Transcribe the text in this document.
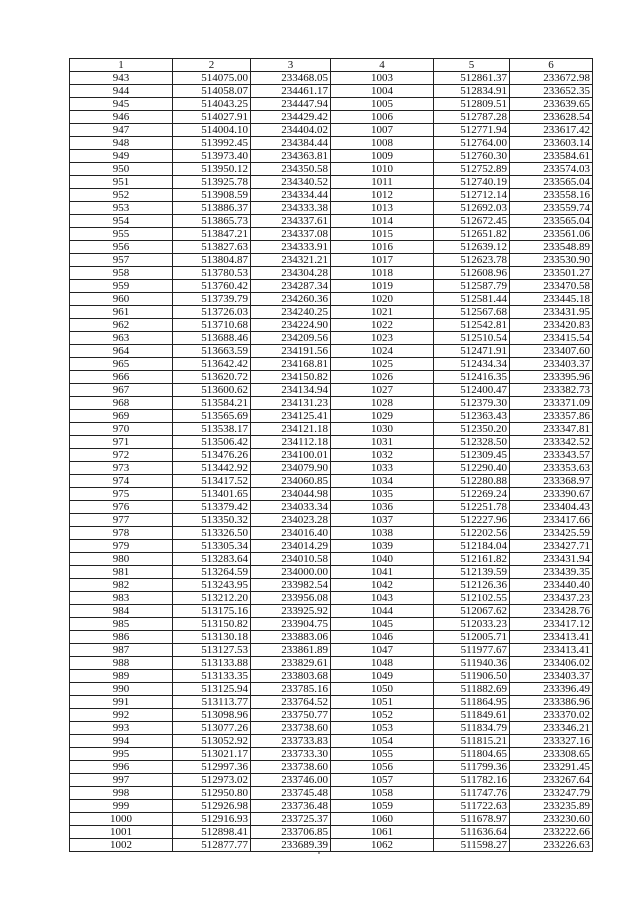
1	2	3	4	5	6
943	514075.00	233468.05	1003	512861.37	233672.98
944	514058.07	234461.17	1004	512834.91	233652.35
945	514043.25	234447.94	1005	512809.51	233639.65
946	514027.91	234429.42	1006	512787.28	233628.54
947	514004.10	234404.02	1007	512771.94	233617.42
948	513992.45	234384.44	1008	512764.00	233603.14
949	513973.40	234363.81	1009	512760.30	233584.61
950	513950.12	234350.58	1010	512752.89	233574.03
951	513925.78	234340.52	1011	512740.19	233565.04
952	513908.59	234334.44	1012	512712.14	233558.16
953	513886.37	234333.38	1013	512692.03	233559.74
954	513865.73	234337.61	1014	512672.45	233565.04
955	513847.21	234337.08	1015	512651.82	233561.06
956	513827.63	234333.91	1016	512639.12	233548.89
957	513804.87	234321.21	1017	512623.78	233530.90
958	513780.53	234304.28	1018	512608.96	233501.27
959	513760.42	234287.34	1019	512587.79	233470.58
960	513739.79	234260.36	1020	512581.44	233445.18
961	513726.03	234240.25	1021	512567.68	233431.95
962	513710.68	234224.90	1022	512542.81	233420.83
963	513688.46	234209.56	1023	512510.54	233415.54
964	513663.59	234191.56	1024	512471.91	233407.60
965	513642.42	234168.81	1025	512434.34	233403.37
966	513620.72	234150.82	1026	512416.35	233395.96
967	513600.62	234134.94	1027	512400.47	233382.73
968	513584.21	234131.23	1028	512379.30	233371.09
969	513565.69	234125.41	1029	512363.43	233357.86
970	513538.17	234121.18	1030	512350.20	233347.81
971	513506.42	234112.18	1031	512328.50	233342.52
972	513476.26	234100.01	1032	512309.45	233343.57
973	513442.92	234079.90	1033	512290.40	233353.63
974	513417.52	234060.85	1034	512280.88	233368.97
975	513401.65	234044.98	1035	512269.24	233390.67
976	513379.42	234033.34	1036	512251.78	233404.43
977	513350.32	234023.28	1037	512227.96	233417.66
978	513326.50	234016.40	1038	512202.56	233425.59
979	513305.34	234014.29	1039	512184.04	233427.71
980	513283.64	234010.58	1040	512161.82	233431.94
981	513264.59	234000.00	1041	512139.59	233439.35
982	513243.95	233982.54	1042	512126.36	233440.40
983	513212.20	233956.08	1043	512102.55	233437.23
984	513175.16	233925.92	1044	512067.62	233428.76
985	513150.82	233904.75	1045	512033.23	233417.12
986	513130.18	233883.06	1046	512005.71	233413.41
987	513127.53	233861.89	1047	511977.67	233413.41
988	513133.88	233829.61	1048	511940.36	233406.02
989	513133.35	233803.68	1049	511906.50	233403.37
990	513125.94	233785.16	1050	511882.69	233396.49
991	513113.77	233764.52	1051	511864.95	233386.96
992	513098.96	233750.77	1052	511849.61	233370.02
993	513077.26	233738.60	1053	511834.79	233346.21
994	513052.92	233733.83	1054	511815.21	233327.16
995	513021.17	233733.30	1055	511804.65	233308.65
996	512997.36	233738.60	1056	511799.36	233291.45
997	512973.02	233746.00	1057	511782.16	233267.64
998	512950.80	233745.48	1058	511747.76	233247.79
999	512926.98	233736.48	1059	511722.63	233235.89
1000	512916.93	233725.37	1060	511678.97	233230.60
1001	512898.41	233706.85	1061	511636.64	233222.66
1002	512877.77	233689.39	1062	511598.27	233226.63
